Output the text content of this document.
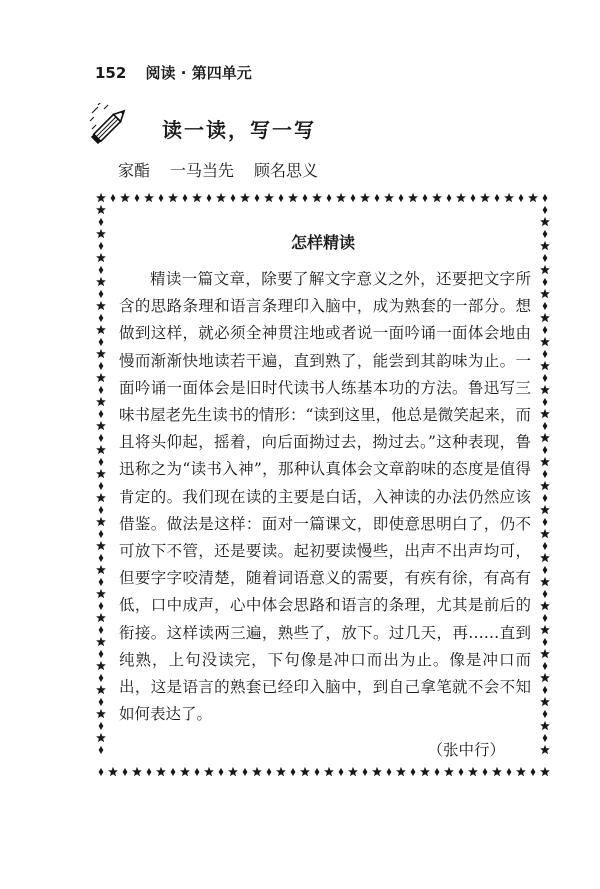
152 阅读 · 第四单元
读一读，写一写
家酯 一马当先 顾名思义
怎样精读

精读一篇文章，除要了解文字意义之外，还要把文字所含的思路条理和语言条理印入脑中，成为熟套的一部分。想做到这样，就必须全神贯注地或者说一面吟诵一面体会地由慢而渐渐快地读若干遍，直到熟了，能尝到其韵味为止。一面吟诵一面体会是旧时代读书人练基本功的方法。鲁迅写三味书屋老先生读书的情形：“读到这里，他总是微笑起来，而且将头仰起，摇着，向后面拗过去，拗过去。”这种表现，鲁迅称之为“读书入神”，那种认真体会文章韵味的态度是值得肯定的。我们现在读的主要是白话，入神读的办法仍然应该借鉴。做法是这样：面对一篇课文，即使意思明白了，仍不可放下不管，还是要读。起初要读慢些，出声不出声均可，但要字字咬清楚，随着词语意义的需要，有疾有徐，有高有低，口中成声，心中体会思路和语言的条理，尤其是前后的衔接。这样读两三遍，熟些了，放下。过几天，再……直到纯熟，上句没读完，下句像是冲口而出为止。像是冲口而出，这是语言的熟套已经印入脑中，到自己拿笔就不会不知如何表达了。

（张中行）
